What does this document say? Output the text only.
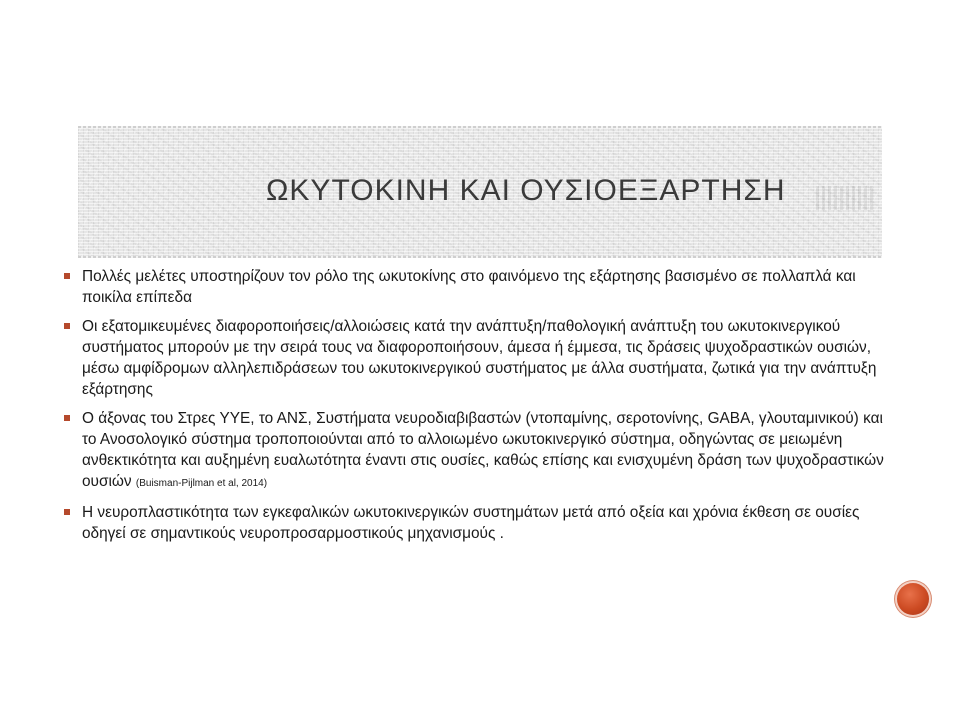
ΩΚΥΤΟΚΙΝΗ ΚΑΙ ΟΥΣΙΟΕΞΑΡΤΗΣΗ
Πολλές μελέτες υποστηρίζουν τον ρόλο της ωκυτοκίνης στο φαινόμενο της εξάρτησης βασισμένο σε πολλαπλά και ποικίλα επίπεδα
Οι εξατομικευμένες διαφοροποιήσεις/αλλοιώσεις κατά την ανάπτυξη/παθολογική ανάπτυξη του ωκυτοκινεργικού συστήματος μπορούν με την σειρά τους να διαφοροποιήσουν, άμεσα ή έμμεσα, τις δράσεις ψυχοδραστικών ουσιών, μέσω αμφίδρομων αλληλεπιδράσεων του ωκυτοκινεργικού συστήματος με άλλα συστήματα, ζωτικά για την ανάπτυξη εξάρτησης
Ο άξονας του Στρες ΥΥΕ, το ΑΝΣ, Συστήματα νευροδιαβιβαστών (ντοπαμίνης, σεροτονίνης, GABA, γλουταμινικού) και το Ανοσολογικό σύστημα τροποποιούνται από το αλλοιωμένο ωκυτοκινεργικό σύστημα, οδηγώντας σε μειωμένη ανθεκτικότητα και αυξημένη ευαλωτότητα έναντι στις ουσίες, καθώς επίσης και ενισχυμένη δράση των ψυχοδραστικών ουσιών (Buisman-Pijlman et al, 2014)
Η νευροπλαστικότητα των εγκεφαλικών ωκυτοκινεργικών συστημάτων μετά από οξεία και χρόνια έκθεση σε ουσίες οδηγεί σε σημαντικούς νευροπροσαρμοστικούς μηχανισμούς .
